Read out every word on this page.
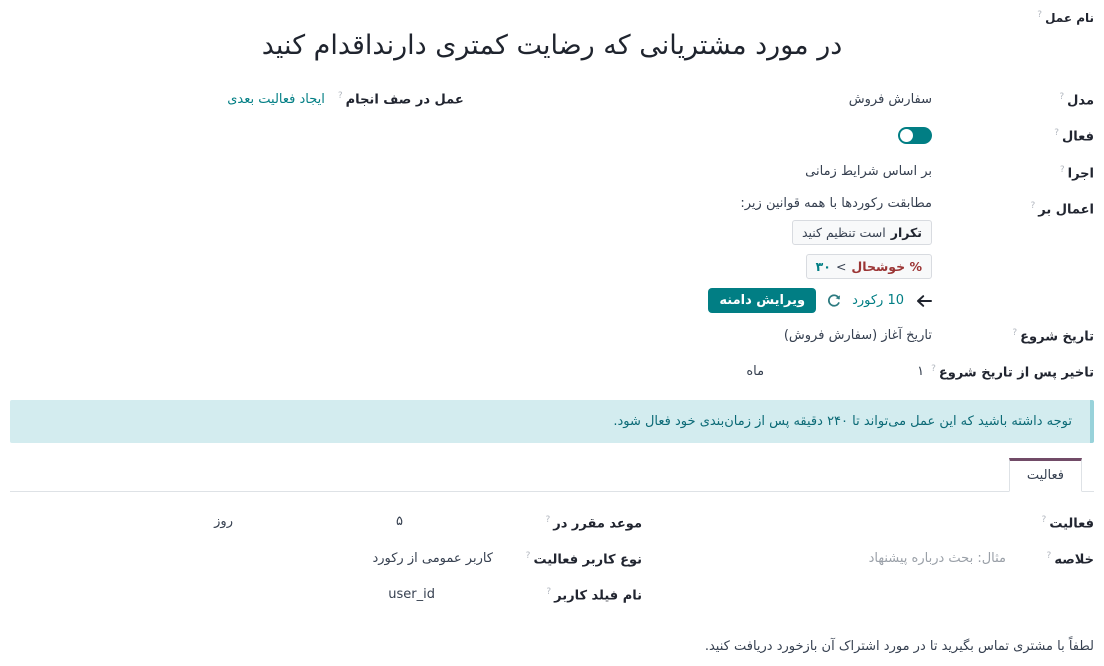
نام عمل?
در مورد مشتریانی که رضایت کمتری دارنداقدام کنید
مدل?
سفارش فروش
عمل در صف انجام?
ایجاد فعالیت بعدی
فعال?
اجرا?
بر اساس شرایط زمانی
اعمال بر?
مطابقت رکوردها با همه قوانین زیر:
تکرار
است تنظیم کنید
% خوشحال
>
۳۰
10 رکورد
ویرایش دامنه
تاریخ شروع?
تاریخ آغاز (سفارش فروش)
تاخیر پس از تاریخ شروع?
۱
ماه
توجه داشته باشید که این عمل می‌تواند تا ۲۴۰ دقیقه پس از زمان‌بندی خود فعال شود.
فعالیت
فعالیت?
خلاصه?
مثال: بحث درباره پیشنهاد
موعد مقرر در?
۵
روز
نوع کاربر فعالیت?
کاربر عمومی از رکورد
نام فیلد کاربر?
user_id
لطفاً با مشتری تماس بگیرید تا در مورد اشتراک آن بازخورد دریافت کنید.
